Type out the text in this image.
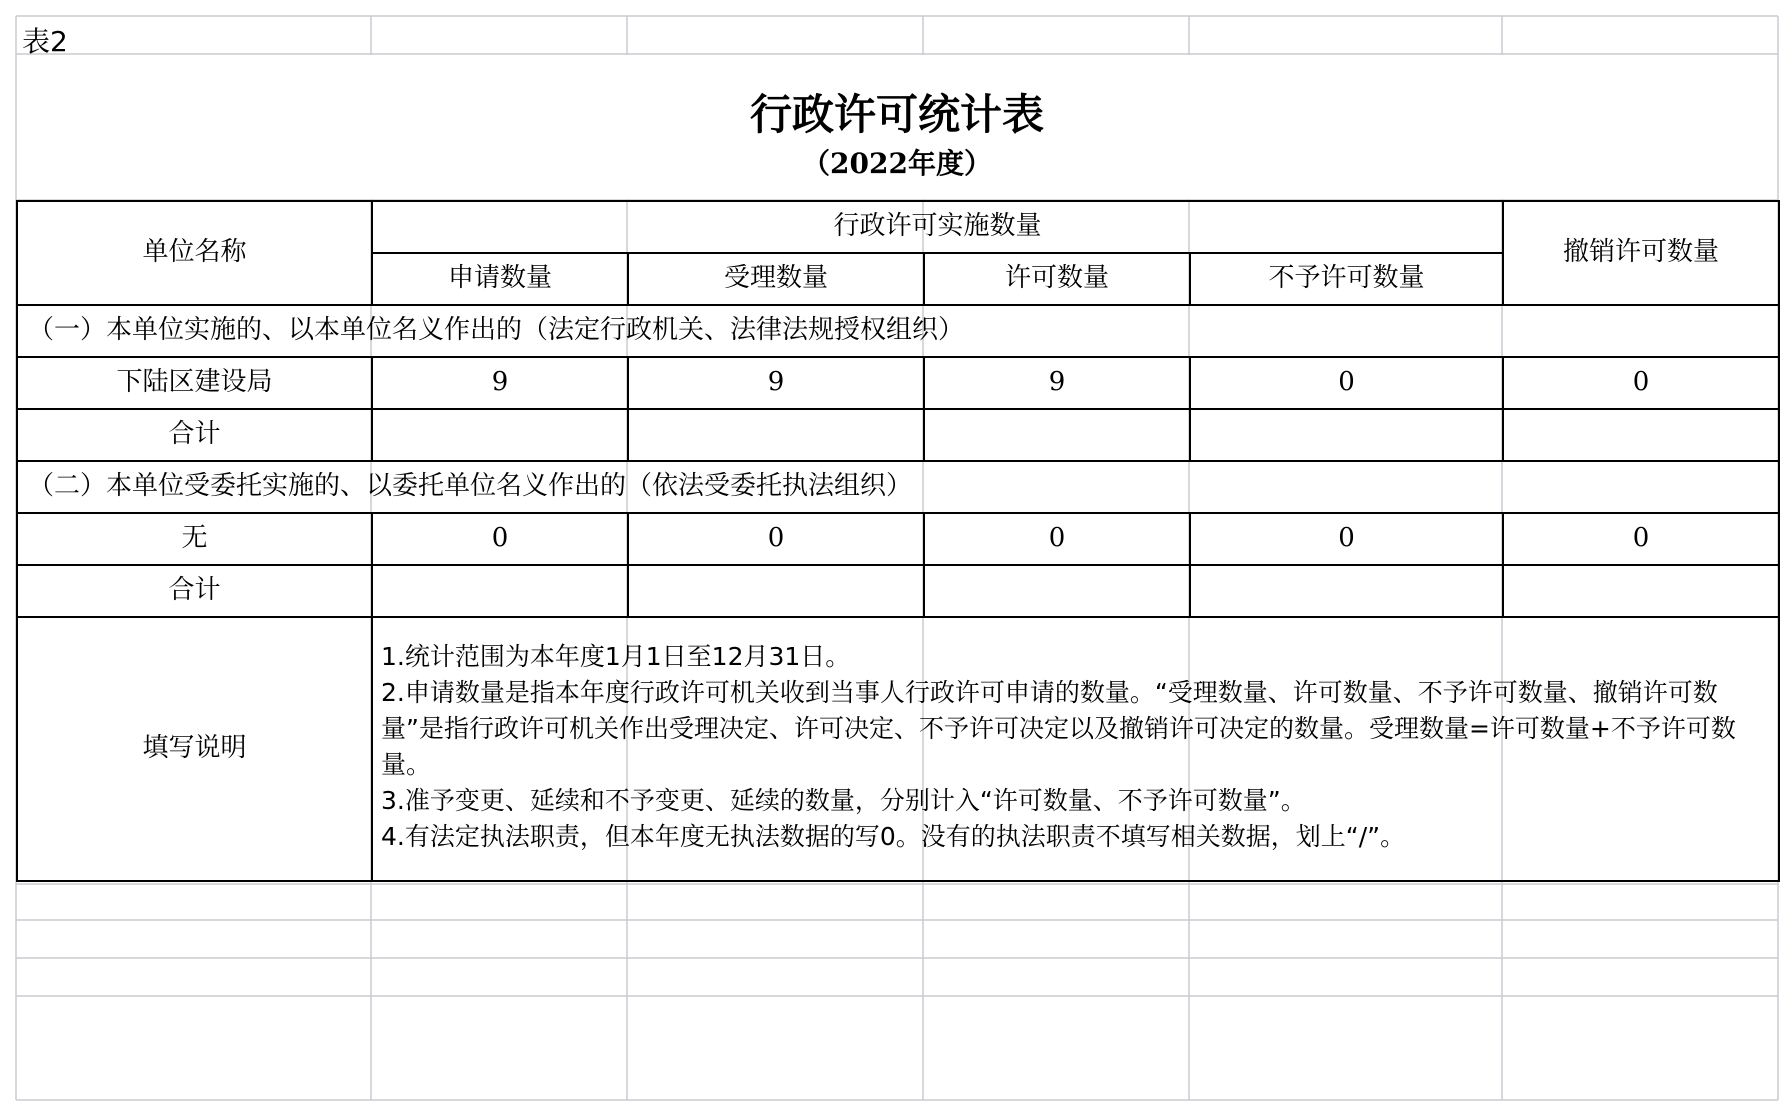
表2
行政许可统计表
（2022年度）
单位名称	行政许可实施数量				撤销许可数量
	申请数量	受理数量	许可数量	不予许可数量	
（一）本单位实施的、以本单位名义作出的（法定行政机关、法律法规授权组织）					
下陆区建设局	9	9	9	0	0
合计					
（二）本单位受委托实施的、以委托单位名义作出的（依法受委托执法组织）					
无	0	0	0	0	0
合计					
填写说明	1.统计范围为本年度1月1日至12月31日。
2.申请数量是指本年度行政许可机关收到当事人行政许可申请的数量。“受理数量、许可数量、不予许可数量、撤销许可数量”是指行政许可机关作出受理决定、许可决定、不予许可决定以及撤销许可决定的数量。受理数量=许可数量+不予许可数量。
3.准予变更、延续和不予变更、延续的数量，分别计入“许可数量、不予许可数量”。
4.有法定执法职责，但本年度无执法数据的写0。没有的执法职责不填写相关数据，划上“/”。				
